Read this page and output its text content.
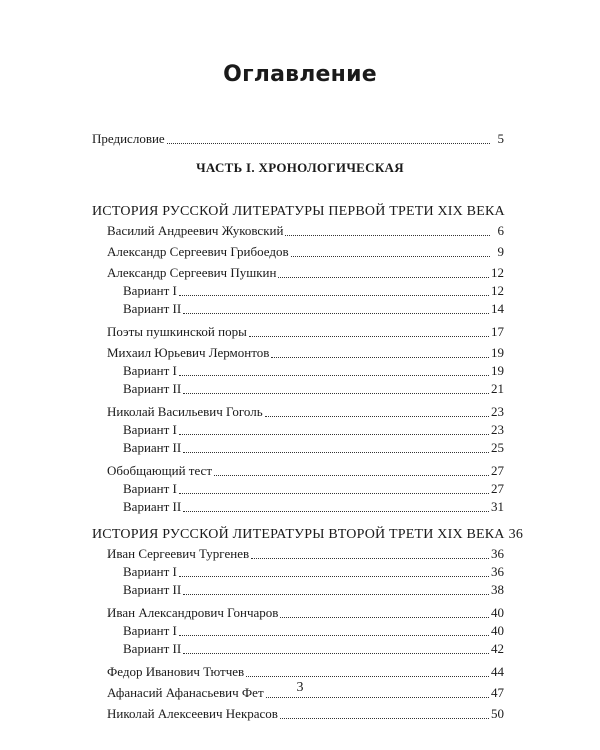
Оглавление
Предисловие	5
ЧАСТЬ I. ХРОНОЛОГИЧЕСКАЯ
ИСТОРИЯ РУССКОЙ ЛИТЕРАТУРЫ ПЕРВОЙ ТРЕТИ XIX ВЕКА
Василий Андреевич Жуковский	6
Александр Сергеевич Грибоедов	9
Александр Сергеевич Пушкин	12
Вариант I	12
Вариант II	14
Поэты пушкинской поры	17
Михаил Юрьевич Лермонтов	19
Вариант I	19
Вариант II	21
Николай Васильевич Гоголь	23
Вариант I	23
Вариант II	25
Обобщающий тест	27
Вариант I	27
Вариант II	31
ИСТОРИЯ РУССКОЙ ЛИТЕРАТУРЫ ВТОРОЙ ТРЕТИ XIX ВЕКА 36
Иван Сергеевич Тургенев	36
Вариант I	36
Вариант II	38
Иван Александрович Гончаров	40
Вариант I	40
Вариант II	42
Федор Иванович Тютчев	44
Афанасий Афанасьевич Фет	47
Николай Алексеевич Некрасов	50
3
